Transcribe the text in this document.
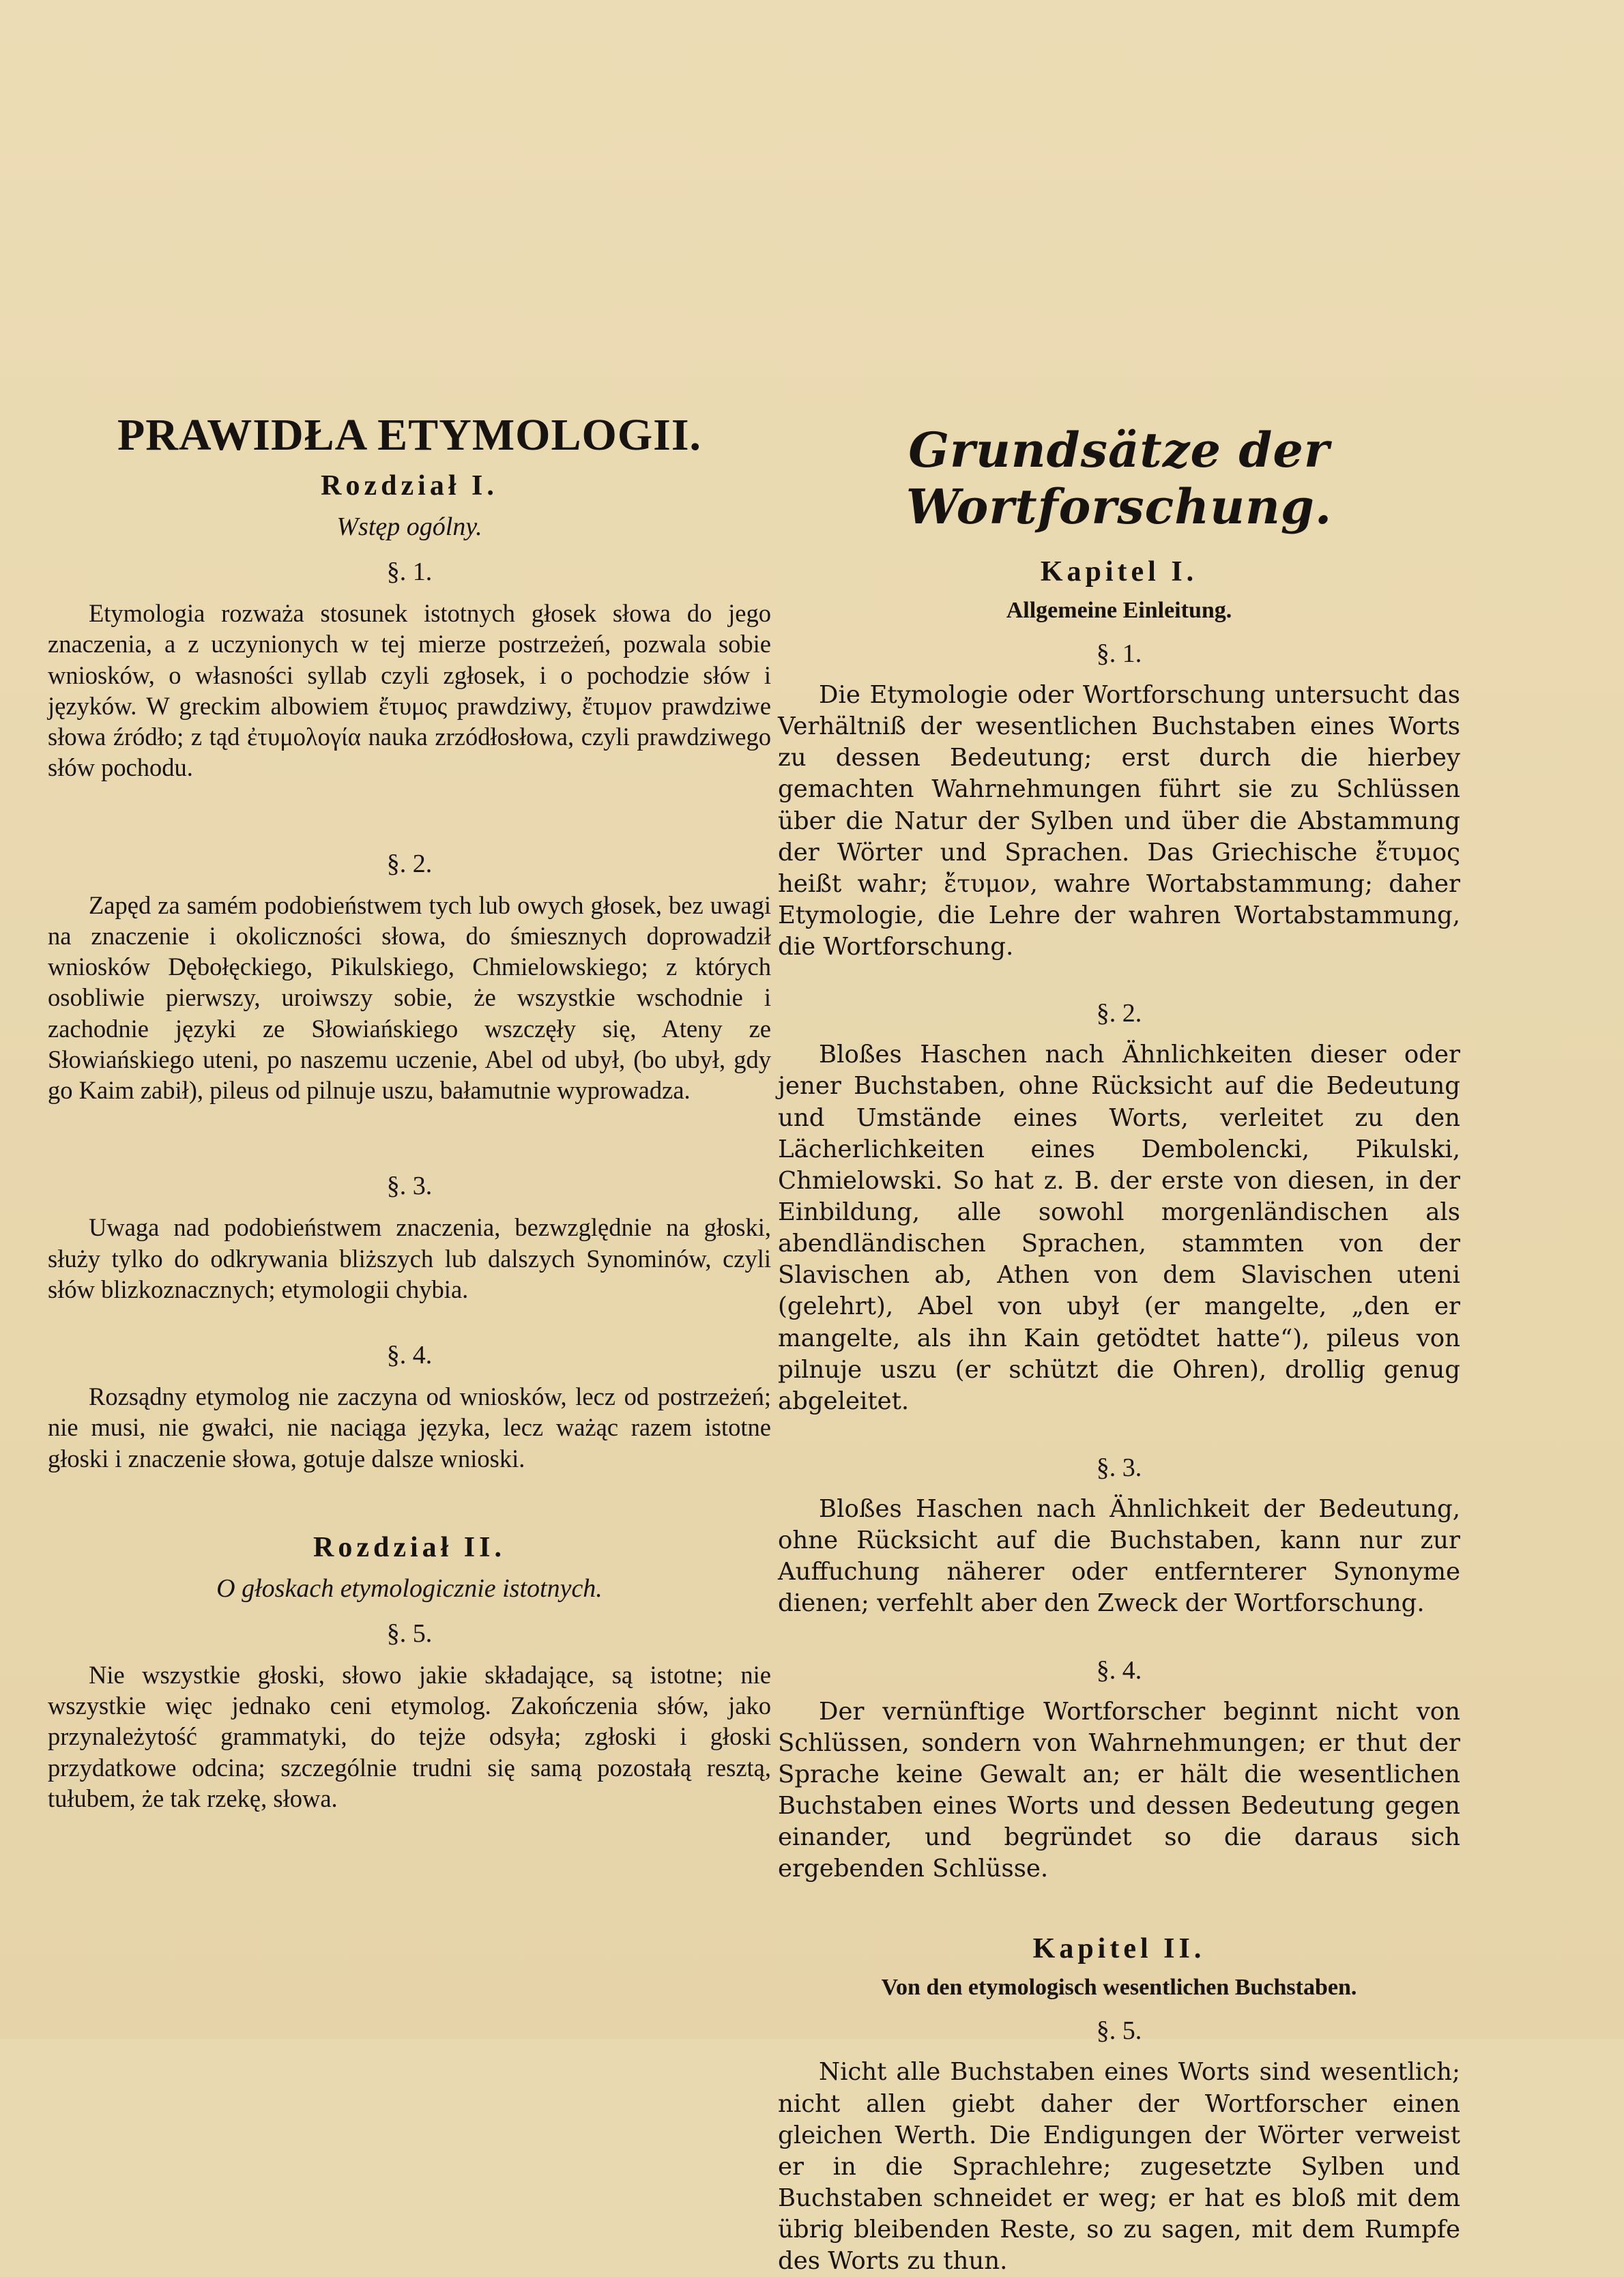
PRAWIDŁA ETYMOLOGII.
Rozdział I.
Wstęp ogólny.
§. 1.

Etymologia rozważa stosunek istotnych głosek słowa do jego znaczenia, a z uczynionych w tej mierze postrzeżeń, pozwala sobie wniosków, o własności syllab czyli zgłosek, i o pochodzie słów i języków. W greckim albowiem ἔτυμος prawdziwy, ἔτυμον prawdziwe słowa źródło; z tąd ἐτυμολογία nauka zrzódłosłowa, czyli prawdziwego słów pochodu.

§. 2.

Zapęd za samém podobieństwem tych lub owych głosek, bez uwagi na znaczenie i okoliczności słowa, do śmiesznych doprowadził wniosków Dębołęckiego, Pikulskiego, Chmielowskiego; z których osobliwie pierwszy, uroiwszy sobie, że wszystkie wschodnie i zachodnie języki ze Słowiańskiego wszczęły się, Ateny ze Słowiańskiego uteni, po naszemu uczenie, Abel od ubył, (bo ubył, gdy go Kaim zabił), pileus od pilnuje uszu, bałamutnie wyprowadza.

§. 3.

Uwaga nad podobieństwem znaczenia, bezwzględnie na głoski, służy tylko do odkrywania bliższych lub dalszych Synominów, czyli słów blizkoznacznych; etymologii chybia.

§. 4.

Rozsądny etymolog nie zaczyna od wniosków, lecz od postrzeżeń; nie musi, nie gwałci, nie naciąga języka, lecz ważąc razem istotne głoski i znaczenie słowa, gotuje dalsze wnioski.

Rozdział II.
O głoskach etymologicznie istotnych.
§. 5.

Nie wszystkie głoski, słowo jakie składające, są istotne; nie wszystkie więc jednako ceni etymolog. Zakończenia słów, jako przynależytość grammatyki, do tejże odsyła; zgłoski i głoski przydatkowe odcina; szczególnie trudni się samą pozostałą resztą, tułubem, że tak rzekę, słowa.

Grundsätze der Wortforschung.
Kapitel I.
Allgemeine Einleitung.
§. 1.

Die Etymologie oder Wortforschung untersucht das Verhältniß der wesentlichen Buchstaben eines Worts zu dessen Bedeutung; erst durch die hierbey gemachten Wahrnehmungen führt sie zu Schlüssen über die Natur der Sylben und über die Abstammung der Wörter und Sprachen. Das Griechische ἔτυμος heißt wahr; ἔτυμον, wahre Wortabstammung; daher Etymologie, die Lehre der wahren Wortabstammung, die Wortforschung.

§. 2.

Bloßes Haschen nach Ähnlichkeiten dieser oder jener Buchstaben, ohne Rücksicht auf die Bedeutung und Umstände eines Worts, verleitet zu den Lächerlichkeiten eines Dembolencki, Pikulski, Chmielowski. So hat z. B. der erste von diesen, in der Einbildung, alle sowohl morgenländischen als abendländischen Sprachen, stammten von der Slavischen ab, Athen von dem Slavischen uteni (gelehrt), Abel von ubył (er mangelte, „den er mangelte, als ihn Kain getödtet hatte“), pileus von pilnuje uszu (er schützt die Ohren), drollig genug abgeleitet.

§. 3.

Bloßes Haschen nach Ähnlichkeit der Bedeutung, ohne Rücksicht auf die Buchstaben, kann nur zur Auffuchung näherer oder entfernterer Synonyme dienen; verfehlt aber den Zweck der Wortforschung.

§. 4.

Der vernünftige Wortforscher beginnt nicht von Schlüssen, sondern von Wahrnehmungen; er thut der Sprache keine Gewalt an; er hält die wesentlichen Buchstaben eines Worts und dessen Bedeutung gegen einander, und begründet so die daraus sich ergebenden Schlüsse.

Kapitel II.
Von den etymologisch wesentlichen Buchstaben.
§. 5.

Nicht alle Buchstaben eines Worts sind wesentlich; nicht allen giebt daher der Wortforscher einen gleichen Werth. Die Endigungen der Wörter verweist er in die Sprachlehre; zugesetzte Sylben und Buchstaben schneidet er weg; er hat es bloß mit dem übrig bleibenden Reste, so zu sagen, mit dem Rumpfe des Worts zu thun.
